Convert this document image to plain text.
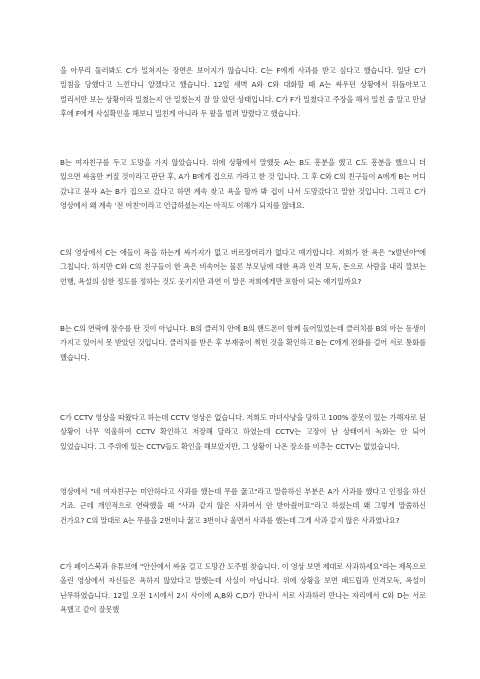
을 아무리 둘러봐도 C가 밀쳐지는 장면은 보이지가 않습니다. C는 F에게 사과를 받고 싶다고 했습니다. 일단 C가 밀침을 당했다고 느낀다니 알겠다고 했습니다. 12일 새벽 A와 C와 대화할 때 A는 싸우던 상황에서 뒤돌아보고 멀리서만 보는 상황이라 밀쳤는지 안 밀쳤는지 잘 알 았던 상태입니다. C가 F가 밀쳤다고 주장을 해서 밀친 줄 알고 만날 후에 F에게 사실확인을 해보니 밀친게 아니라 두 팔을 벌려 말렸다고 했습니다.

B는 여자친구를 두고 도망을 가지 않았습니다. 위에 상황에서 말했듯 A는 B도 흥분을 했고 C도 흥분을 했으니 더 있으면 싸움만 커질 것이라고 판단 후, A가 B에게 집으로 가라고 한 것 입니다. 그 후 C와 C의 친구들이 A에게 B는 어디 갔냐고 묻자 A는 B가 집으로 갔다고 하면 계속 찾고 욕을 할까 봐 겁이 나서 도망갔다고 말한 것입니다. 그리고 C가 영상에서 왜 계속 '전 여친'이라고 언급하셨는지는 아직도 이해가 되지를 않네요.

C의 영상에서 C는 애들이 욕을 하는게 싸가지가 없고 버르장머리가 없다고 얘기합니다. 저희가 한 욕은 "x발년아"에 그칩니다. 하지만 C와 C의 친구들이 한 욕은 비속어는 물론 부모님에 대한 욕과 인격 모독, 돈으로 사람을 내리 깔보는 언행, 욕설의 심한 정도를 정하는 것도 웃기지만 과연 이 말은 저희에게만 포함이 되는 얘기일까요?

B는 C의 연락에 잠수를 탄 것이 아닙니다. B의 클러치 안에 B의 핸드폰이 함께 들어있었는데 클러치를 B의 아는 동생이 가지고 있어서 못 받았던 것입니다. 클러치를 받은 후 부재중이 찍힌 것을 확인하고 B는 C에게 전화를 걸어 서로 통화를 했습니다.

C가 CCTV 영상을 따왔다고 하는데 CCTV 영상은 없습니다. 저희도 마녀사냥을 당하고 100% 잘못이 있는 가해자로 된 상황이 너무 억울하여 CCTV 확인하고 저장해 달라고 하였는데 CCTV는 고장이 난 상태여서 녹화는 안 되어 있었습니다. 그 주위에 있는 CCTV들도 확인을 해보았지만, 그 상황이 나온 장소를 비추는 CCTV는 없었습니다.

영상에서 "네 여자친구는 미안하다고 사과를 했는데 무릎 꿇고"라고 말씀하신 부분은 A가 사과를 했다고 인정을 하신 거죠. 근데 개인적으로 연락했을 때 "사과 같지 않은 사과여서 안 받아줬어요"라고 하셨는데 왜 그렇게 말씀하신 건가요? C의 말대로 A는 무릎을 2번이나 꿇고 3번이나 울면서 사과를 했는데 그게 사과 같지 않은 사과였나요?

C가 페이스북과 유튜브에 "안산에서 싸움 걸고 도망간 도주범 찾습니다. 이 영상 보면 제대로 사과하세요"라는 제목으로 올린 영상에서 자신들은 욕하지 않았다고 말했는데 사실이 아닙니다. 위에 상황을 보면 패드립과 인격모독, 욕설이 난무하였습니다. 12일 오전 1시에서 2시 사이에 A,B와 C,D가 만나서 서로 사과하러 만나는 자리에서 C와 D는 서로 욕했고 같이 잘못했
